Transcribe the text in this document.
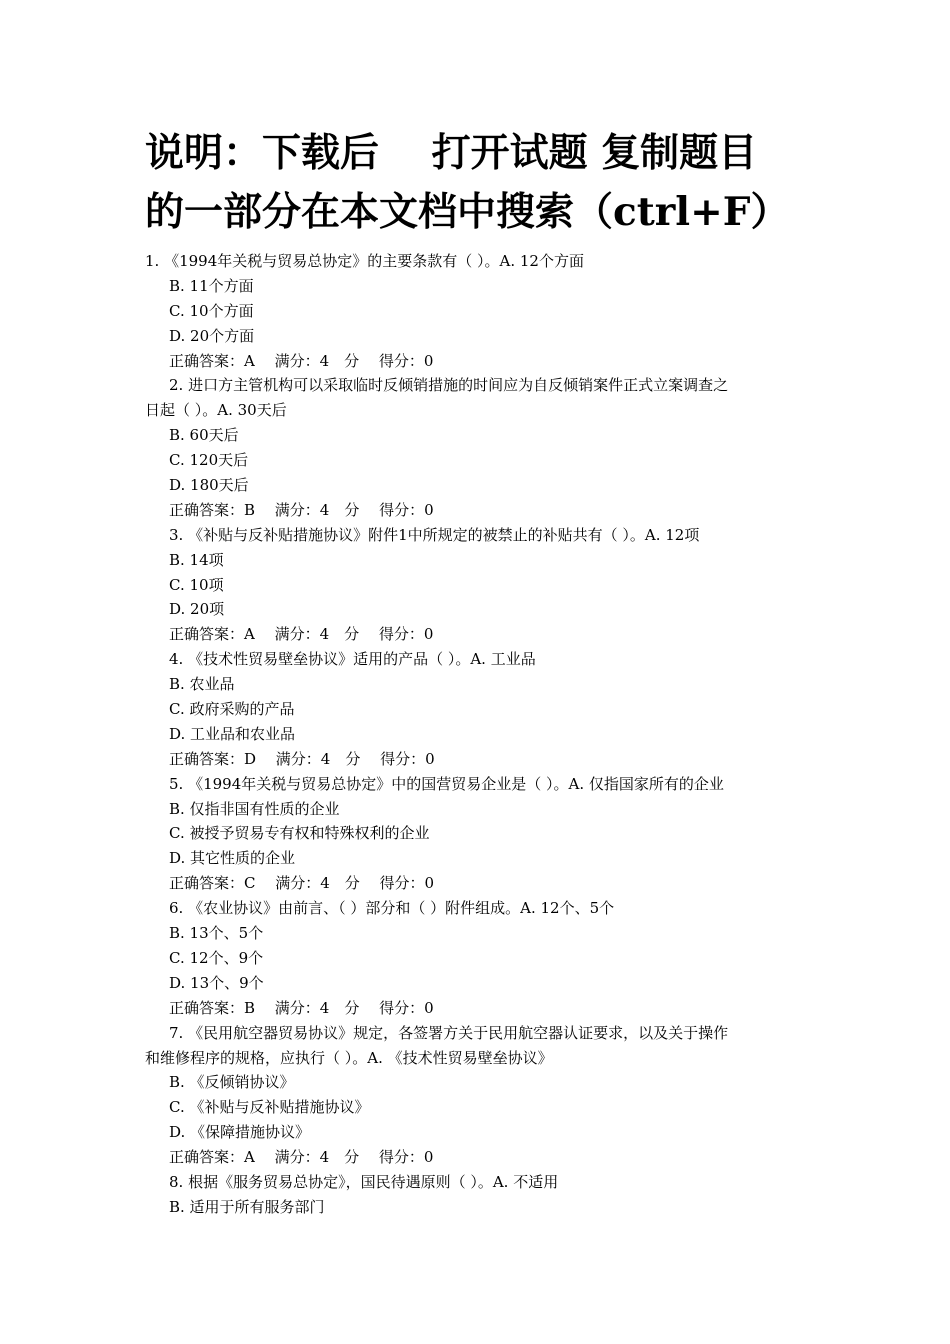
说明：下载后　 打开试题 复制题目
的一部分在本文档中搜索（ctrl+F）
1. 《1994年关税与贸易总协定》的主要条款有（ ）。A. 12个方面
B. 11个方面
C. 10个方面
D. 20个方面
正确答案：A　 满分：4　分　 得分：0
2. 进口方主管机构可以采取临时反倾销措施的时间应为自反倾销案件正式立案调查之
日起（ ）。A. 30天后
B. 60天后
C. 120天后
D. 180天后
正确答案：B　 满分：4　分　 得分：0
3. 《补贴与反补贴措施协议》附件1中所规定的被禁止的补贴共有（ ）。A. 12项
B. 14项
C. 10项
D. 20项
正确答案：A　 满分：4　分　 得分：0
4. 《技术性贸易壁垒协议》适用的产品（ ）。A. 工业品
B. 农业品
C. 政府采购的产品
D. 工业品和农业品
正确答案：D　 满分：4　分　 得分：0
5. 《1994年关税与贸易总协定》中的国营贸易企业是（ ）。A. 仅指国家所有的企业
B. 仅指非国有性质的企业
C. 被授予贸易专有权和特殊权利的企业
D. 其它性质的企业
正确答案：C　 满分：4　分　 得分：0
6. 《农业协议》由前言、（ ）部分和（ ）附件组成。A. 12个、5个
B. 13个、5个
C. 12个、9个
D. 13个、9个
正确答案：B　 满分：4　分　 得分：0
7. 《民用航空器贸易协议》规定，各签署方关于民用航空器认证要求，以及关于操作
和维修程序的规格，应执行（ ）。A. 《技术性贸易壁垒协议》
B. 《反倾销协议》
C. 《补贴与反补贴措施协议》
D. 《保障措施协议》
正确答案：A　 满分：4　分　 得分：0
8. 根据《服务贸易总协定》，国民待遇原则（ ）。A. 不适用
B. 适用于所有服务部门
